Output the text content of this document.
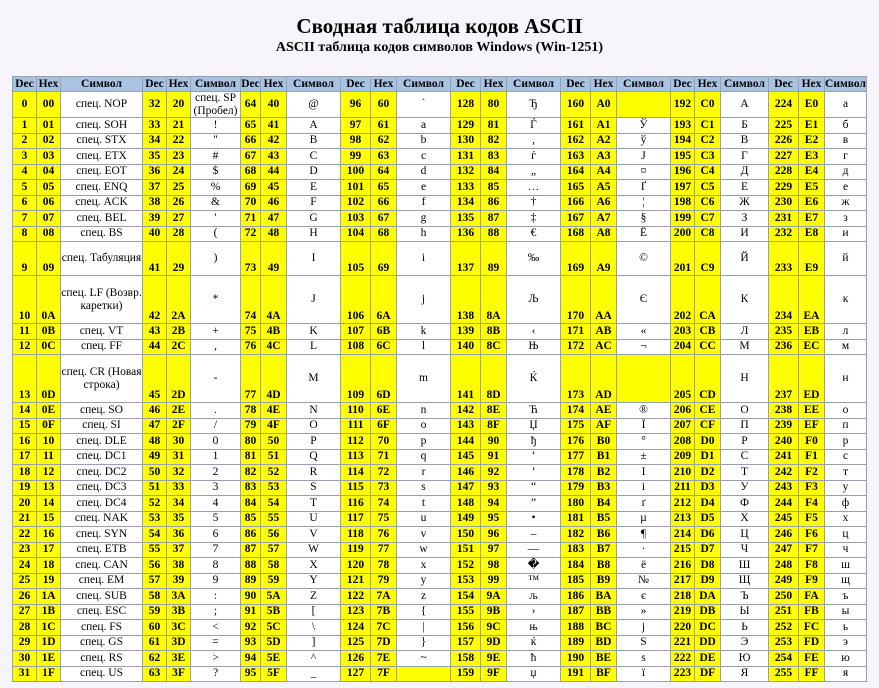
Сводная таблица кодов ASCII
ASCII таблица кодов символов Windows (Win-1251)
Dec	Hex	Символ	Dec	Hex	Символ	Dec	Hex	Символ	Dec	Hex	Символ	Dec	Hex	Символ	Dec	Hex	Символ	Dec	Hex	Символ	Dec	Hex	Символ
0	00	спец. NOP	32	20	спец. SP (Пробел)	64	40	@	96	60	`	128	80	Ђ	160	A0		192	C0	А	224	E0	а
1	01	спец. SOH	33	21	!	65	41	A	97	61	a	129	81	Ѓ	161	A1	Ў	193	C1	Б	225	E1	б
2	02	спец. STX	34	22	"	66	42	B	98	62	b	130	82	‚	162	A2	ў	194	C2	В	226	E2	в
3	03	спец. ETX	35	23	#	67	43	C	99	63	c	131	83	ѓ	163	A3	Ј	195	C3	Г	227	E3	г
4	04	спец. EOT	36	24	$	68	44	D	100	64	d	132	84	„	164	A4	¤	196	C4	Д	228	E4	д
5	05	спец. ENQ	37	25	%	69	45	E	101	65	e	133	85	…	165	A5	Ґ	197	C5	Е	229	E5	е
6	06	спец. ACK	38	26	&	70	46	F	102	66	f	134	86	†	166	A6	¦	198	C6	Ж	230	E6	ж
7	07	спец. BEL	39	27	'	71	47	G	103	67	g	135	87	‡	167	A7	§	199	C7	З	231	E7	з
8	08	спец. BS	40	28	(	72	48	H	104	68	h	136	88	€	168	A8	Ё	200	C8	И	232	E8	и
9	09	спец. Табуляция	41	29	)	73	49	I	105	69	i	137	89	‰	169	A9	©	201	C9	Й	233	E9	й
10	0A	спец. LF (Возвр. каретки)	42	2A	*	74	4A	J	106	6A	j	138	8A	Љ	170	AA	Є	202	CA	К	234	EA	к
11	0B	спец. VT	43	2B	+	75	4B	K	107	6B	k	139	8B	‹	171	AB	«	203	CB	Л	235	EB	л
12	0C	спец. FF	44	2C	,	76	4C	L	108	6C	l	140	8C	Њ	172	AC	¬	204	CC	М	236	EC	м
13	0D	спец. CR (Новая строка)	45	2D	-	77	4D	M	109	6D	m	141	8D	Ќ	173	AD		205	CD	Н	237	ED	н
14	0E	спец. SO	46	2E	.	78	4E	N	110	6E	n	142	8E	Ћ	174	AE	®	206	CE	О	238	EE	о
15	0F	спец. SI	47	2F	/	79	4F	O	111	6F	o	143	8F	Џ	175	AF	Ї	207	CF	П	239	EF	п
16	10	спец. DLE	48	30	0	80	50	P	112	70	p	144	90	ђ	176	B0	°	208	D0	Р	240	F0	р
17	11	спец. DC1	49	31	1	81	51	Q	113	71	q	145	91	‘	177	B1	±	209	D1	С	241	F1	с
18	12	спец. DC2	50	32	2	82	52	R	114	72	r	146	92	’	178	B2	І	210	D2	Т	242	F2	т
19	13	спец. DC3	51	33	3	83	53	S	115	73	s	147	93	“	179	B3	і	211	D3	У	243	F3	у
20	14	спец. DC4	52	34	4	84	54	T	116	74	t	148	94	”	180	B4	ґ	212	D4	Ф	244	F4	ф
21	15	спец. NAK	53	35	5	85	55	U	117	75	u	149	95	•	181	B5	µ	213	D5	Х	245	F5	х
22	16	спец. SYN	54	36	6	86	56	V	118	76	v	150	96	–	182	B6	¶	214	D6	Ц	246	F6	ц
23	17	спец. ETB	55	37	7	87	57	W	119	77	w	151	97	—	183	B7	·	215	D7	Ч	247	F7	ч
24	18	спец. CAN	56	38	8	88	58	X	120	78	x	152	98	�	184	B8	ё	216	D8	Ш	248	F8	ш
25	19	спец. EM	57	39	9	89	59	Y	121	79	y	153	99	™	185	B9	№	217	D9	Щ	249	F9	щ
26	1A	спец. SUB	58	3A	:	90	5A	Z	122	7A	z	154	9A	љ	186	BA	є	218	DA	Ъ	250	FA	ъ
27	1B	спец. ESC	59	3B	;	91	5B	[	123	7B	{	155	9B	›	187	BB	»	219	DB	Ы	251	FB	ы
28	1C	спец. FS	60	3C	<	92	5C	\	124	7C	|	156	9C	њ	188	BC	ј	220	DC	Ь	252	FC	ь
29	1D	спец. GS	61	3D	=	93	5D	]	125	7D	}	157	9D	ќ	189	BD	Ѕ	221	DD	Э	253	FD	э
30	1E	спец. RS	62	3E	>	94	5E	^	126	7E	~	158	9E	ћ	190	BE	ѕ	222	DE	Ю	254	FE	ю
31	1F	спец. US	63	3F	?	95	5F	_	127	7F		159	9F	џ	191	BF	ї	223	DF	Я	255	FF	я
